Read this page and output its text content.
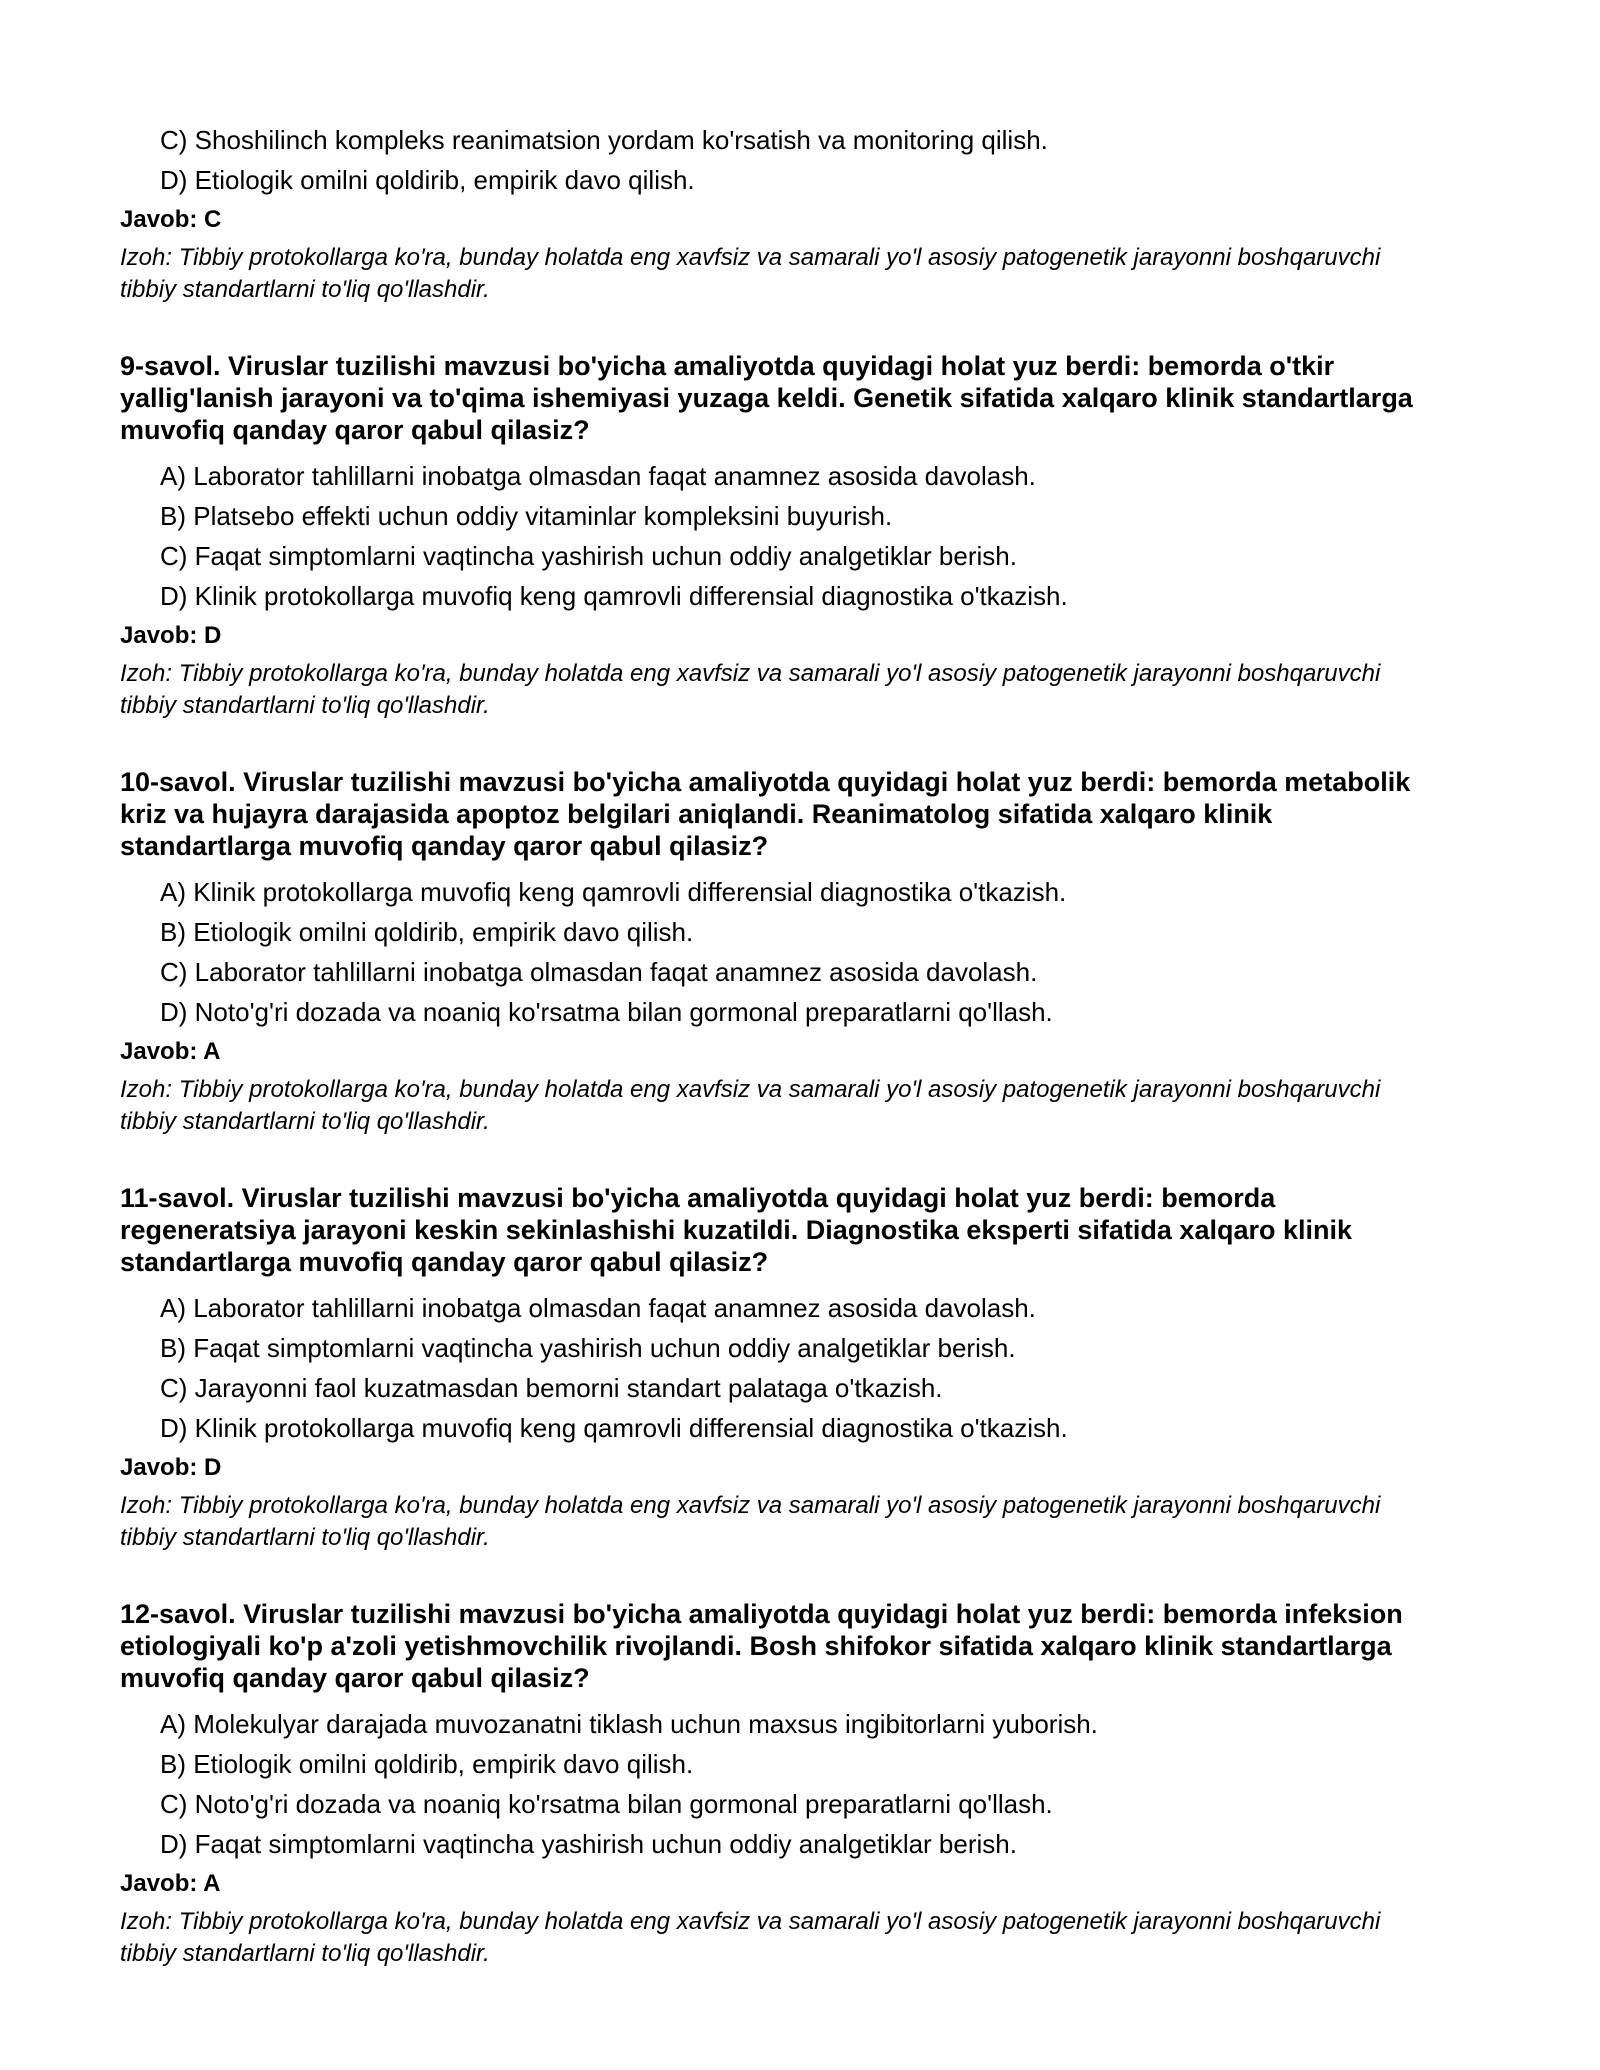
C) Shoshilinch kompleks reanimatsion yordam ko'rsatish va monitoring qilish.

D) Etiologik omilni qoldirib, empirik davo qilish.

Javob: C

Izoh: Tibbiy protokollarga ko'ra, bunday holatda eng xavfsiz va samarali yo'l asosiy patogenetik jarayonni boshqaruvchi tibbiy standartlarni to'liq qo'llashdir.

9-savol. Viruslar tuzilishi mavzusi bo'yicha amaliyotda quyidagi holat yuz berdi: bemorda o'tkir yallig'lanish jarayoni va to'qima ishemiyasi yuzaga keldi. Genetik sifatida xalqaro klinik standartlarga muvofiq qanday qaror qabul qilasiz?

A) Laborator tahlillarni inobatga olmasdan faqat anamnez asosida davolash.

B) Platsebo effekti uchun oddiy vitaminlar kompleksini buyurish.

C) Faqat simptomlarni vaqtincha yashirish uchun oddiy analgetiklar berish.

D) Klinik protokollarga muvofiq keng qamrovli differensial diagnostika o'tkazish.

Javob: D

Izoh: Tibbiy protokollarga ko'ra, bunday holatda eng xavfsiz va samarali yo'l asosiy patogenetik jarayonni boshqaruvchi tibbiy standartlarni to'liq qo'llashdir.

10-savol. Viruslar tuzilishi mavzusi bo'yicha amaliyotda quyidagi holat yuz berdi: bemorda metabolik kriz va hujayra darajasida apoptoz belgilari aniqlandi. Reanimatolog sifatida xalqaro klinik standartlarga muvofiq qanday qaror qabul qilasiz?

A) Klinik protokollarga muvofiq keng qamrovli differensial diagnostika o'tkazish.

B) Etiologik omilni qoldirib, empirik davo qilish.

C) Laborator tahlillarni inobatga olmasdan faqat anamnez asosida davolash.

D) Noto'g'ri dozada va noaniq ko'rsatma bilan gormonal preparatlarni qo'llash.

Javob: A

Izoh: Tibbiy protokollarga ko'ra, bunday holatda eng xavfsiz va samarali yo'l asosiy patogenetik jarayonni boshqaruvchi tibbiy standartlarni to'liq qo'llashdir.

11-savol. Viruslar tuzilishi mavzusi bo'yicha amaliyotda quyidagi holat yuz berdi: bemorda regeneratsiya jarayoni keskin sekinlashishi kuzatildi. Diagnostika eksperti sifatida xalqaro klinik standartlarga muvofiq qanday qaror qabul qilasiz?

A) Laborator tahlillarni inobatga olmasdan faqat anamnez asosida davolash.

B) Faqat simptomlarni vaqtincha yashirish uchun oddiy analgetiklar berish.

C) Jarayonni faol kuzatmasdan bemorni standart palataga o'tkazish.

D) Klinik protokollarga muvofiq keng qamrovli differensial diagnostika o'tkazish.

Javob: D

Izoh: Tibbiy protokollarga ko'ra, bunday holatda eng xavfsiz va samarali yo'l asosiy patogenetik jarayonni boshqaruvchi tibbiy standartlarni to'liq qo'llashdir.

12-savol. Viruslar tuzilishi mavzusi bo'yicha amaliyotda quyidagi holat yuz berdi: bemorda infeksion etiologiyali ko'p a'zoli yetishmovchilik rivojlandi. Bosh shifokor sifatida xalqaro klinik standartlarga muvofiq qanday qaror qabul qilasiz?

A) Molekulyar darajada muvozanatni tiklash uchun maxsus ingibitorlarni yuborish.

B) Etiologik omilni qoldirib, empirik davo qilish.

C) Noto'g'ri dozada va noaniq ko'rsatma bilan gormonal preparatlarni qo'llash.

D) Faqat simptomlarni vaqtincha yashirish uchun oddiy analgetiklar berish.

Javob: A

Izoh: Tibbiy protokollarga ko'ra, bunday holatda eng xavfsiz va samarali yo'l asosiy patogenetik jarayonni boshqaruvchi tibbiy standartlarni to'liq qo'llashdir.
